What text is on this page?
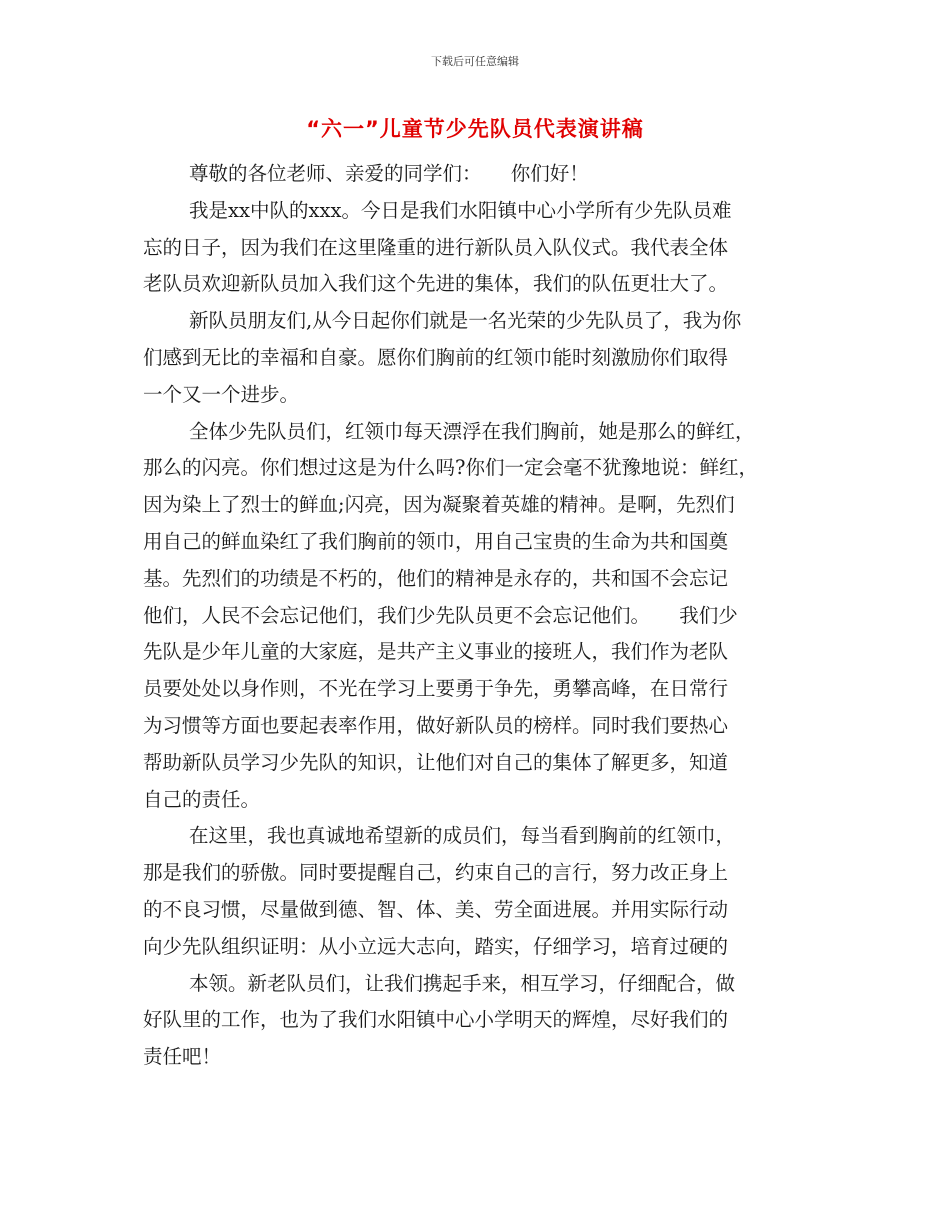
下载后可任意编辑
“六一”儿童节少先队员代表演讲稿
尊敬的各位老师、亲爱的同学们：　　你们好！
我是xx中队的xxx。今日是我们水阳镇中心小学所有少先队员难
忘的日子，因为我们在这里隆重的进行新队员入队仪式。我代表全体
老队员欢迎新队员加入我们这个先进的集体，我们的队伍更壮大了。
新队员朋友们,从今日起你们就是一名光荣的少先队员了，我为你
们感到无比的幸福和自豪。愿你们胸前的红领巾能时刻激励你们取得
一个又一个进步。
全体少先队员们，红领巾每天漂浮在我们胸前，她是那么的鲜红，
那么的闪亮。你们想过这是为什么吗?你们一定会毫不犹豫地说：鲜红，
因为染上了烈士的鲜血;闪亮，因为凝聚着英雄的精神。是啊，先烈们
用自己的鲜血染红了我们胸前的领巾，用自己宝贵的生命为共和国奠
基。先烈们的功绩是不朽的，他们的精神是永存的，共和国不会忘记
他们，人民不会忘记他们，我们少先队员更不会忘记他们。　　我们少
先队是少年儿童的大家庭，是共产主义事业的接班人，我们作为老队
员要处处以身作则，不光在学习上要勇于争先，勇攀高峰，在日常行
为习惯等方面也要起表率作用，做好新队员的榜样。同时我们要热心
帮助新队员学习少先队的知识，让他们对自己的集体了解更多，知道
自己的责任。
在这里，我也真诚地希望新的成员们，每当看到胸前的红领巾，
那是我们的骄傲。同时要提醒自己，约束自己的言行，努力改正身上
的不良习惯，尽量做到德、智、体、美、劳全面进展。并用实际行动
向少先队组织证明：从小立远大志向，踏实，仔细学习，培育过硬的
本领。新老队员们，让我们携起手来，相互学习，仔细配合，做
好队里的工作，也为了我们水阳镇中心小学明天的辉煌，尽好我们的
责任吧！
